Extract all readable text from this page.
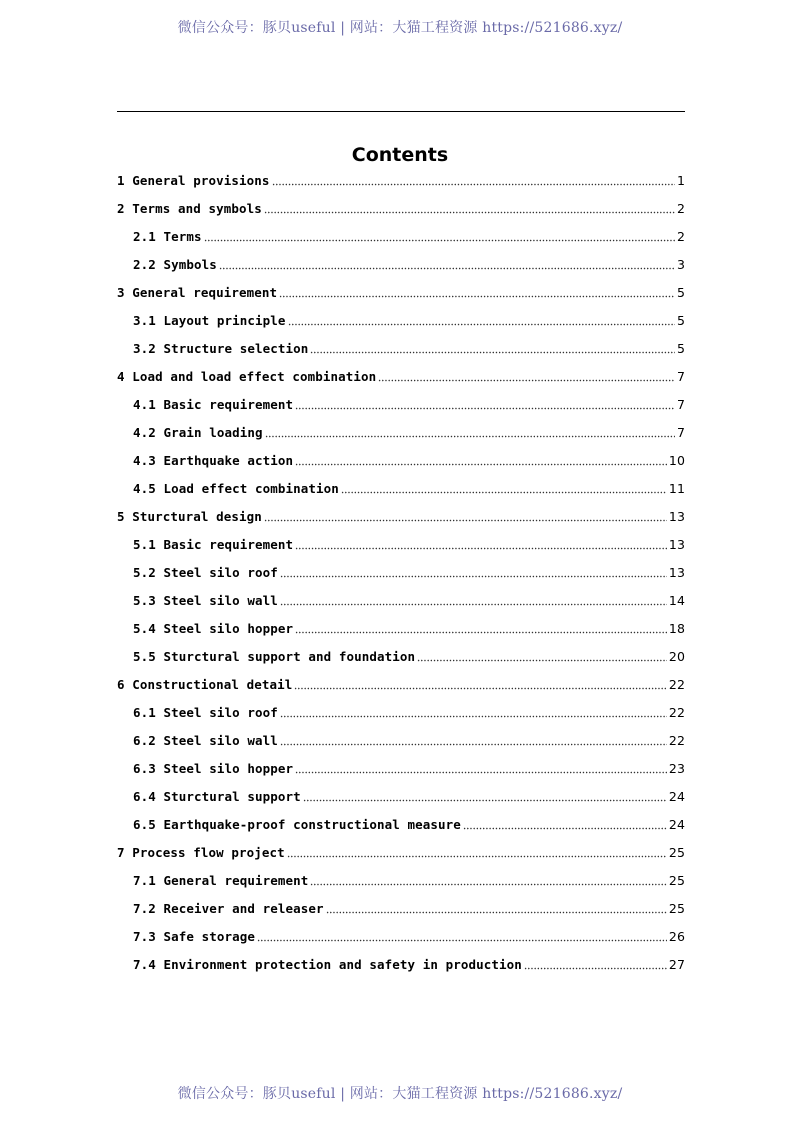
微信公众号：豚贝useful | 网站：大猫工程资源 https://521686.xyz/
Contents
1 General provisions	1
2 Terms and symbols	2
2.1 Terms	2
2.2 Symbols	3
3 General requirement	5
3.1 Layout principle	5
3.2 Structure selection	5
4 Load and load effect combination	7
4.1 Basic requirement	7
4.2 Grain loading	7
4.3 Earthquake action	10
4.5 Load effect combination	11
5 Sturctural design	13
5.1 Basic requirement	13
5.2 Steel silo roof	13
5.3 Steel silo wall	14
5.4 Steel silo hopper	18
5.5 Sturctural support and foundation	20
6 Constructional detail	22
6.1 Steel silo roof	22
6.2 Steel silo wall	22
6.3 Steel silo hopper	23
6.4 Sturctural support	24
6.5 Earthquake-proof constructional measure	24
7 Process flow project	25
7.1 General requirement	25
7.2 Receiver and releaser	25
7.3 Safe storage	26
7.4 Environment protection and safety in production	27
微信公众号：豚贝useful | 网站：大猫工程资源 https://521686.xyz/
